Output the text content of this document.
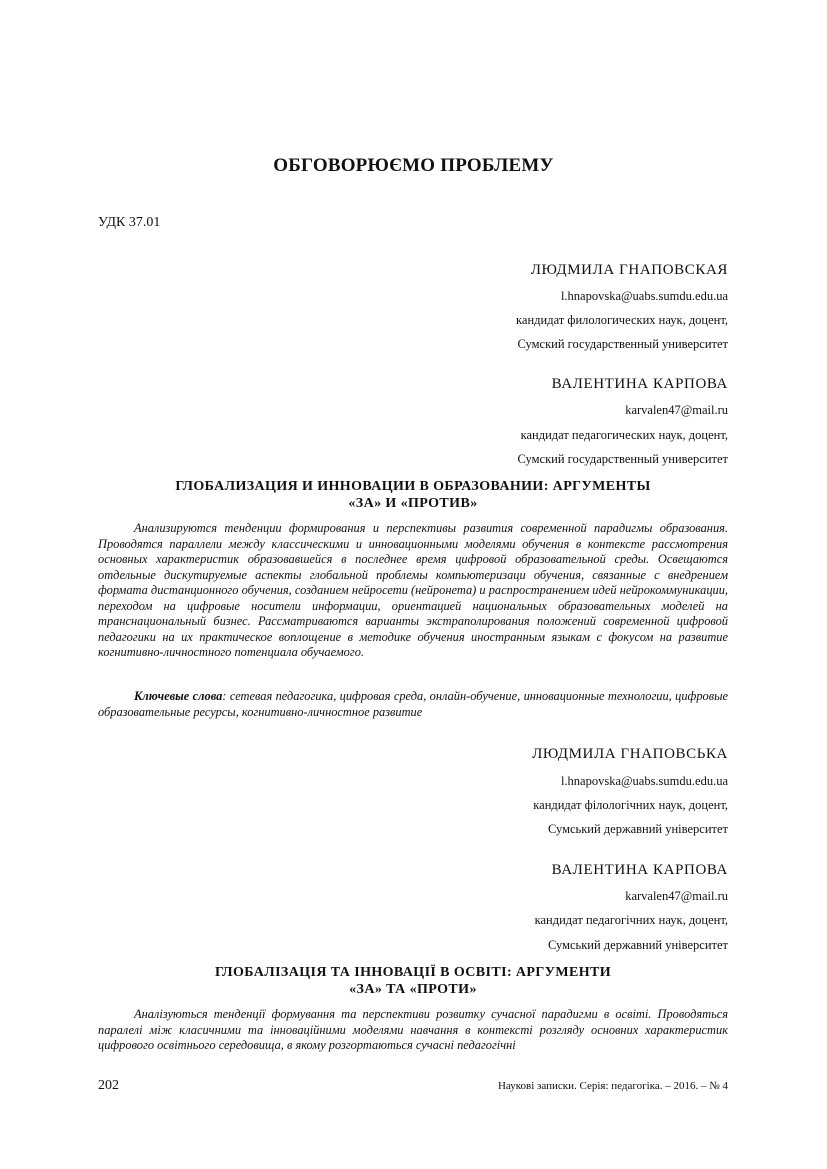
ОБГОВОРЮЄМО ПРОБЛЕМУ
УДК 37.01
ЛЮДМИЛА ГНАПОВСКАЯ
l.hnapovska@uabs.sumdu.edu.ua
кандидат филологических наук, доцент,
Сумский государственный университет
ВАЛЕНТИНА КАРПОВА
karvalen47@mail.ru
кандидат педагогических наук, доцент,
Сумский государственный университет
ГЛОБАЛИЗАЦИЯ И ИННОВАЦИИ В ОБРАЗОВАНИИ: АРГУМЕНТЫ
«ЗА» И «ПРОТИВ»
Анализируются тенденции формирования и перспективы развития современной парадигмы образования. Проводятся параллели между классическими и инновационными моделями обучения в контексте рассмотрения основных характеристик образовавшейся в последнее время цифровой образовательной среды. Освещаются отдельные дискутируемые аспекты глобальной проблемы компьютеризаци обучения, связанные с внедрением формата дистанционного обучения, созданием нейросети (нейронета) и распространением идей нейрокоммуникации, переходом на цифровые носители информации, ориентацией национальных образовательных моделей на транснациональный бизнес. Рассматриваются варианты экстраполирования положений современной цифровой педагогики на их практическое воплощение в методике обучения иностранным языкам с фокусом на развитие когнитивно-личностного потенциала обучаемого.
Ключевые слова: сетевая педагогика, цифровая среда, онлайн-обучение, инновационные технологии, цифровые образовательные ресурсы, когнитивно-личностное развитие
ЛЮДМИЛА ГНАПОВСЬКА
l.hnapovska@uabs.sumdu.edu.ua
кандидат філологічних наук, доцент,
Сумський державний університет
ВАЛЕНТИНА КАРПОВА
karvalen47@mail.ru
кандидат педагогічних наук, доцент,
Сумський державний університет
ГЛОБАЛІЗАЦІЯ ТА ІННОВАЦІЇ В ОСВІТІ: АРГУМЕНТИ
«ЗА» ТА «ПРОТИ»
Аналізуються тенденції формування та перспективи розвитку сучасної парадигми в освіті. Проводяться паралелі між класичними та інноваційними моделями навчання в контексті розгляду основних характеристик цифрового освітнього середовища, в якому розгортаються сучасні педагогічні
202	Наукові записки. Серія: педагогіка. – 2016. – № 4
